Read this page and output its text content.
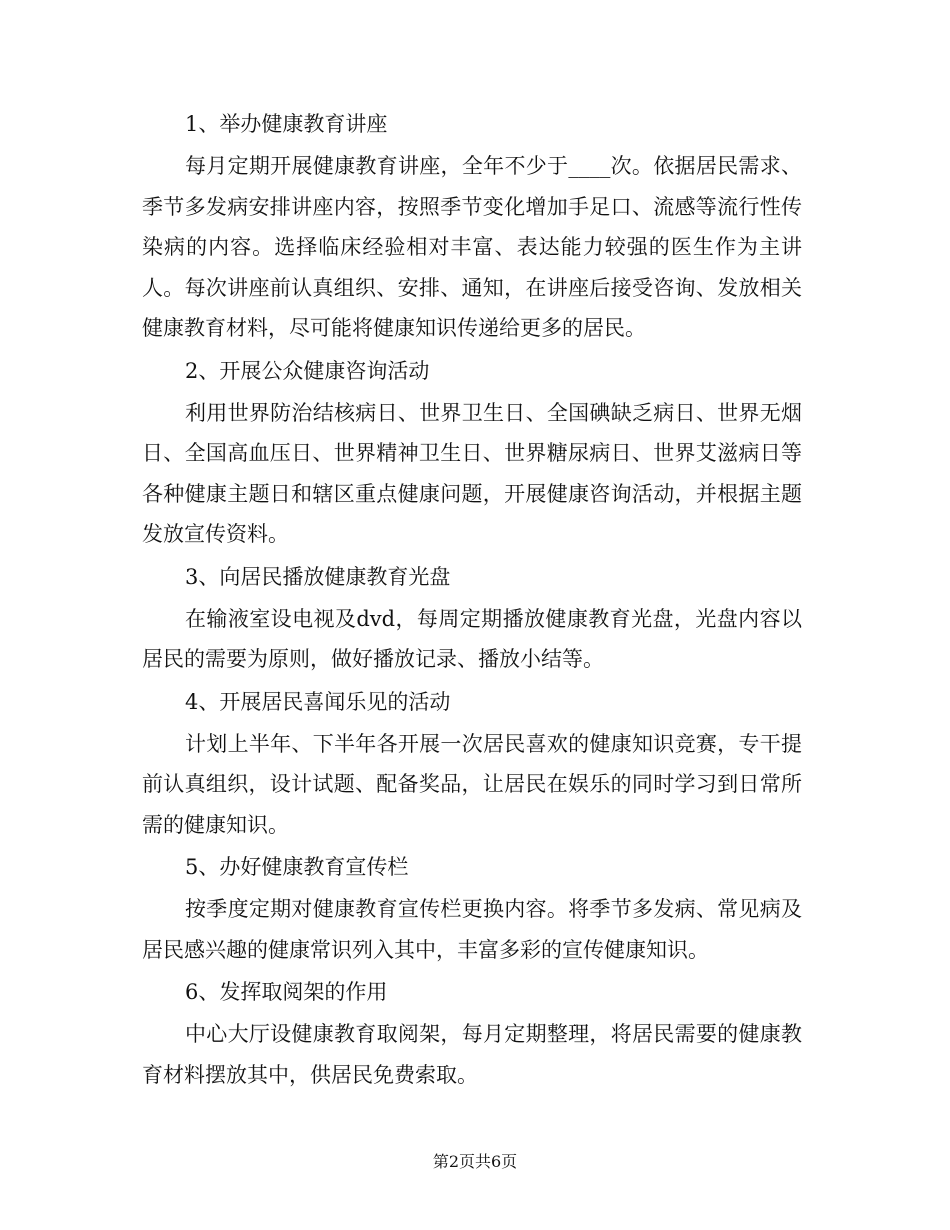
1、举办健康教育讲座

每月定期开展健康教育讲座，全年不少于____次。依据居民需求、季节多发病安排讲座内容，按照季节变化增加手足口、流感等流行性传染病的内容。选择临床经验相对丰富、表达能力较强的医生作为主讲人。每次讲座前认真组织、安排、通知，在讲座后接受咨询、发放相关健康教育材料，尽可能将健康知识传递给更多的居民。

2、开展公众健康咨询活动

利用世界防治结核病日、世界卫生日、全国碘缺乏病日、世界无烟日、全国高血压日、世界精神卫生日、世界糖尿病日、世界艾滋病日等各种健康主题日和辖区重点健康问题，开展健康咨询活动，并根据主题发放宣传资料。

3、向居民播放健康教育光盘

在输液室设电视及dvd，每周定期播放健康教育光盘，光盘内容以居民的需要为原则，做好播放记录、播放小结等。

4、开展居民喜闻乐见的活动

计划上半年、下半年各开展一次居民喜欢的健康知识竞赛，专干提前认真组织，设计试题、配备奖品，让居民在娱乐的同时学习到日常所需的健康知识。

5、办好健康教育宣传栏

按季度定期对健康教育宣传栏更换内容。将季节多发病、常见病及居民感兴趣的健康常识列入其中，丰富多彩的宣传健康知识。

6、发挥取阅架的作用

中心大厅设健康教育取阅架，每月定期整理，将居民需要的健康教育材料摆放其中，供居民免费索取。

第2页共6页
